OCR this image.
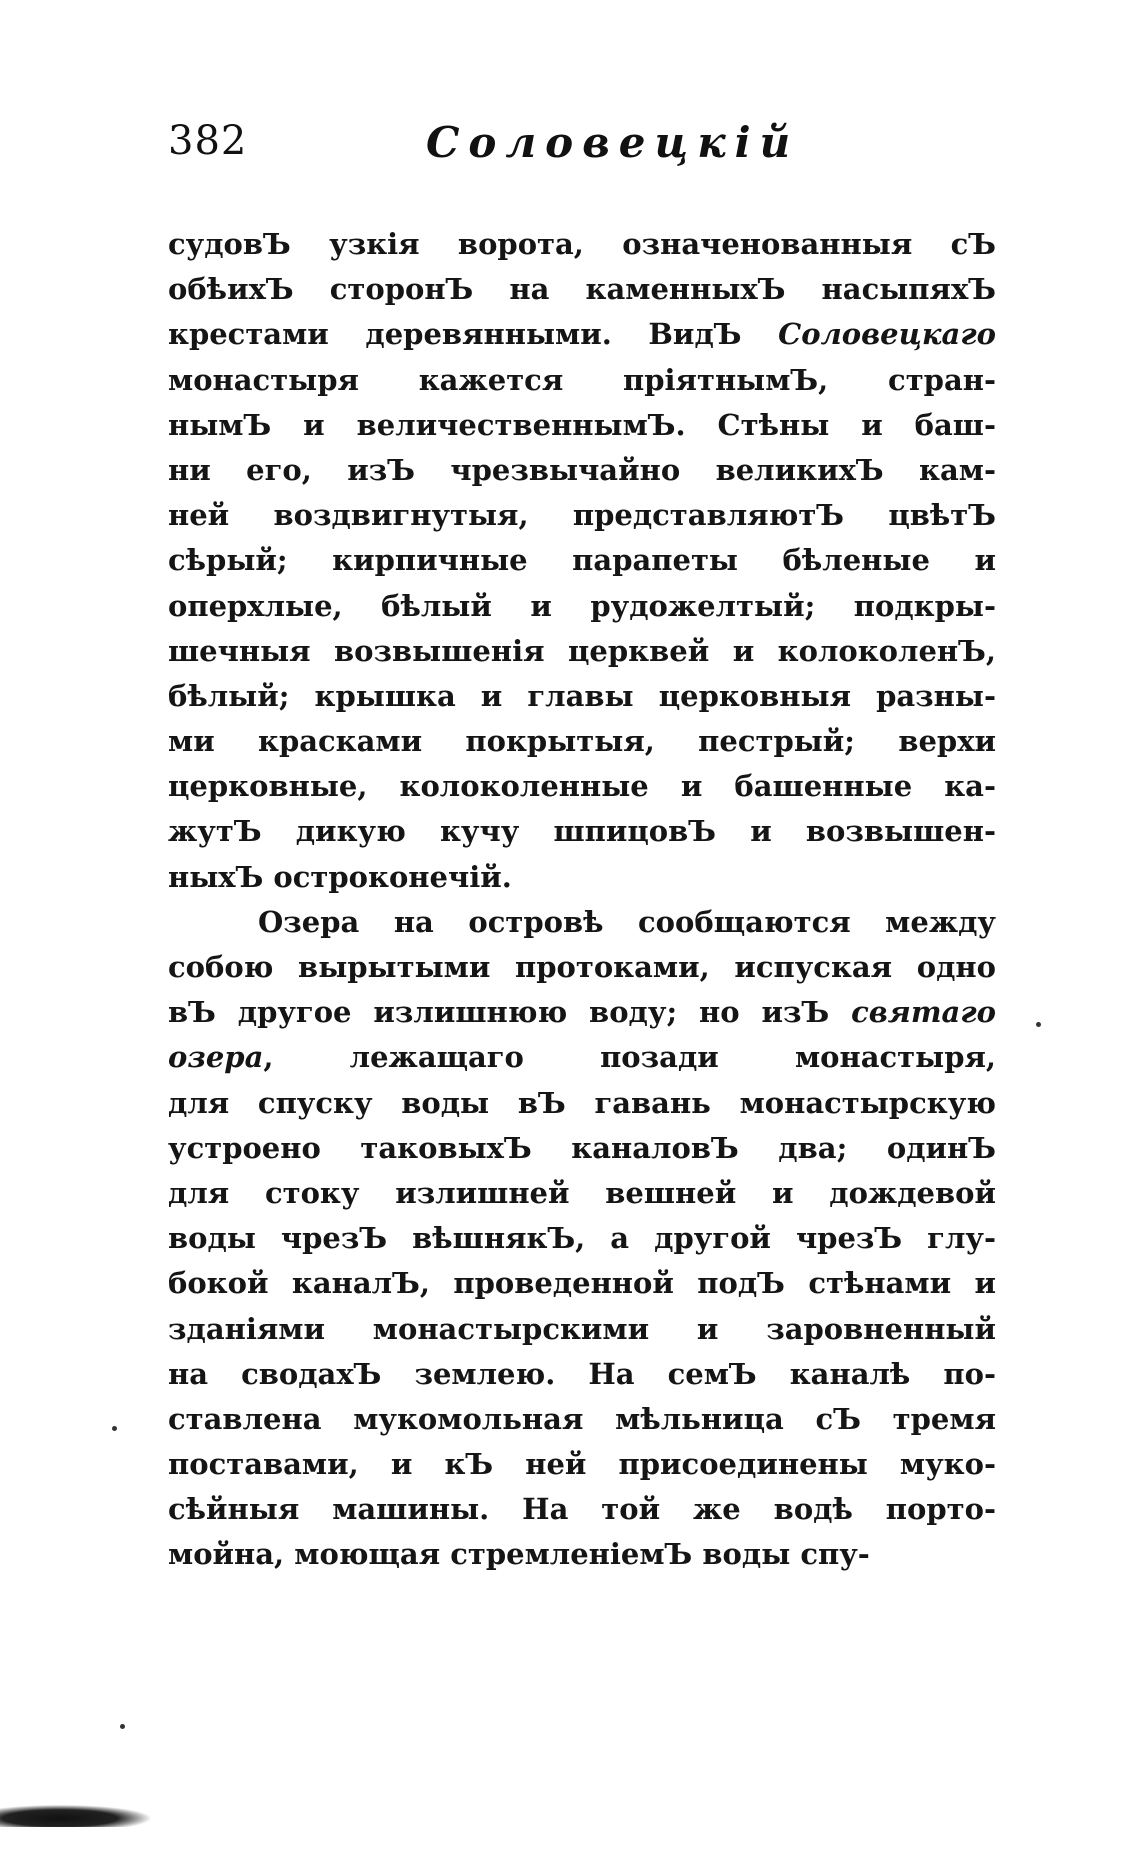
382	Соловецкій
судовЪ узкія ворота, означенованныя сЪ
обѣихЪ сторонЪ на каменныхЪ насыпяхЪ
крестами деревянными. ВидЪ Соловецкаго
монастыря кажется пріятнымЪ, стран-
нымЪ и величественнымЪ. Стѣны и баш-
ни его, изЪ чрезвычайно великихЪ кам-
ней воздвигнутыя, представляютЪ цвѣтЪ
сѣрый; кирпичные парапеты бѣленые и
оперхлые, бѣлый и рудожелтый; подкры-
шечныя возвышенія церквей и колоколенЪ,
бѣлый; крышка и главы церковныя разны-
ми красками покрытыя, пестрый; верхи
церковные, колоколенные и башенные ка-
жутЪ дикую кучу шпицовЪ и возвышен-
ныхЪ остроконечій.
Озера на островѣ сообщаются между
собою вырытыми протоками, испуская одно
вЪ другое излишнюю воду; но изЪ святаго
озера, лежащаго позади монастыря,
для спуску воды вЪ гавань монастырскую
устроено таковыхЪ каналовЪ два; одинЪ
для стоку излишней вешней и дождевой
воды чрезЪ вѣшнякЪ, а другой чрезЪ глу-
бокой каналЪ, проведенной подЪ стѣнами и
зданіями монастырскими и заровненный
на сводахЪ землею. На семЪ каналѣ по-
ставлена мукомольная мѣльница сЪ тремя
поставами, и кЪ ней присоединены муко-
сѣйныя машины. На той же водѣ портo-
мойна, моющая стремленіемЪ воды спу-
